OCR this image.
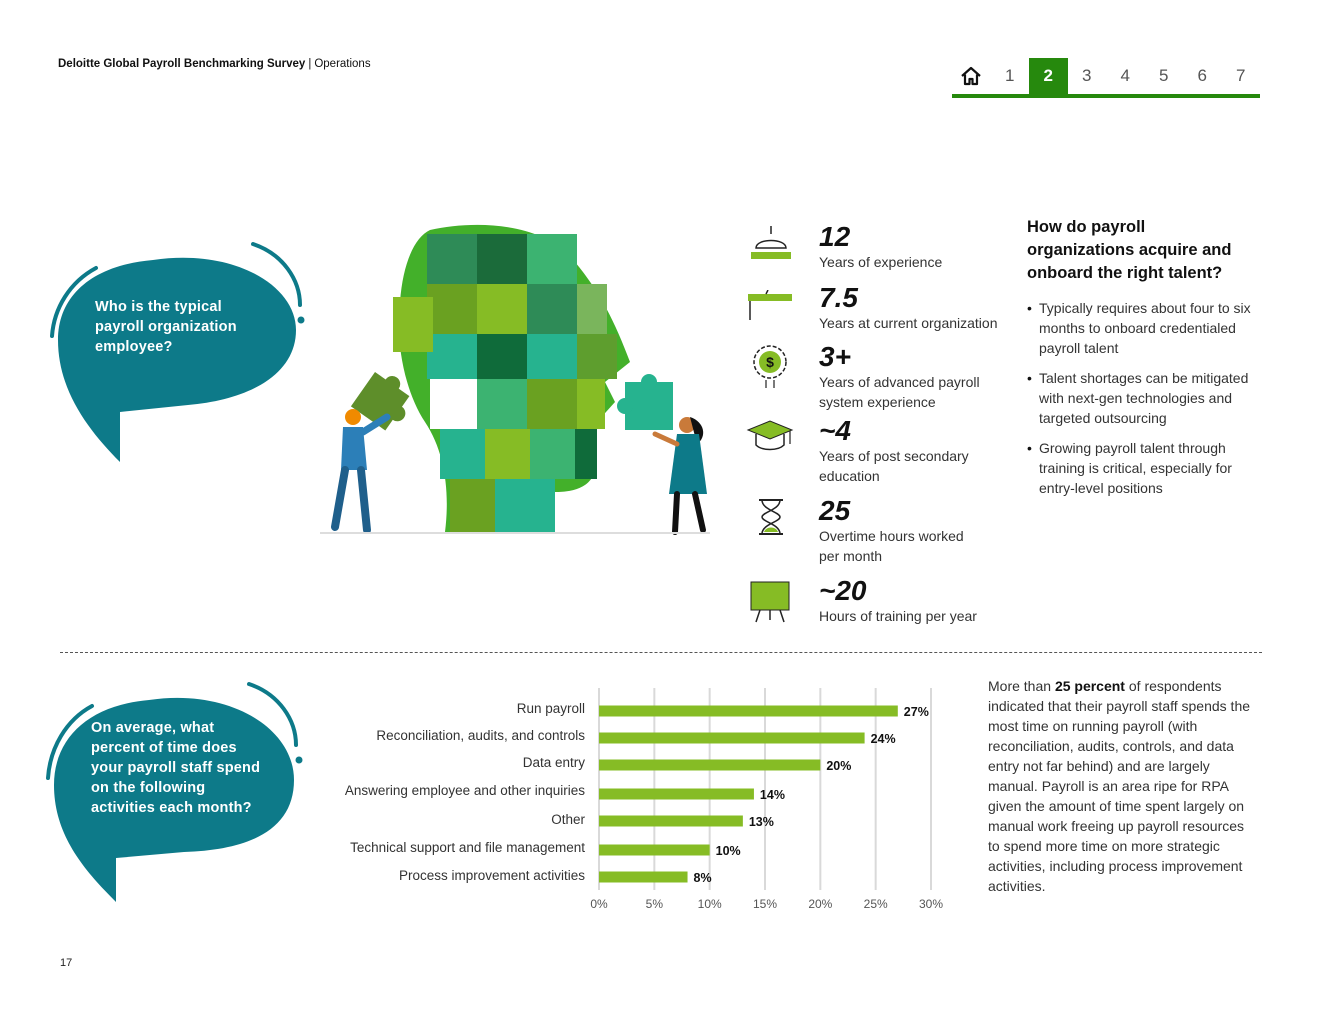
Deloitte Global Payroll Benchmarking Survey | Operations
1	2	3	4	5	6	7
Who is the typical payroll organization employee?
12
Years of experience
7.5
Years at current organization
$ 3+
Years of advanced payroll system experience
~4
Years of post secondary education
25
Overtime hours worked per month
~20
Hours of training per year
How do payroll organizations acquire and onboard the right talent?
• Typically requires about four to six months to onboard credentialed payroll talent
• Talent shortages can be mitigated with next-gen technologies and targeted outsourcing
• Growing payroll talent through training is critical, especially for entry-level positions
On average, what percent of time does your payroll staff spend on the following activities each month?
Run payroll
Reconciliation, audits, and controls
Data entry
Answering employee and other inquiries
Other
Technical support and file management
Process improvement activities
0%	5%	10%	15%	20%	25%	30%
27%
24%
20%
14%
13%
10%
8%
More than 25 percent of respondents indicated that their payroll staff spends the most time on running payroll (with reconciliation, audits, controls, and data entry not far behind) and are largely manual. Payroll is an area ripe for RPA given the amount of time spent largely on manual work freeing up payroll resources to spend more time on more strategic activities, including process improvement activities.
17
